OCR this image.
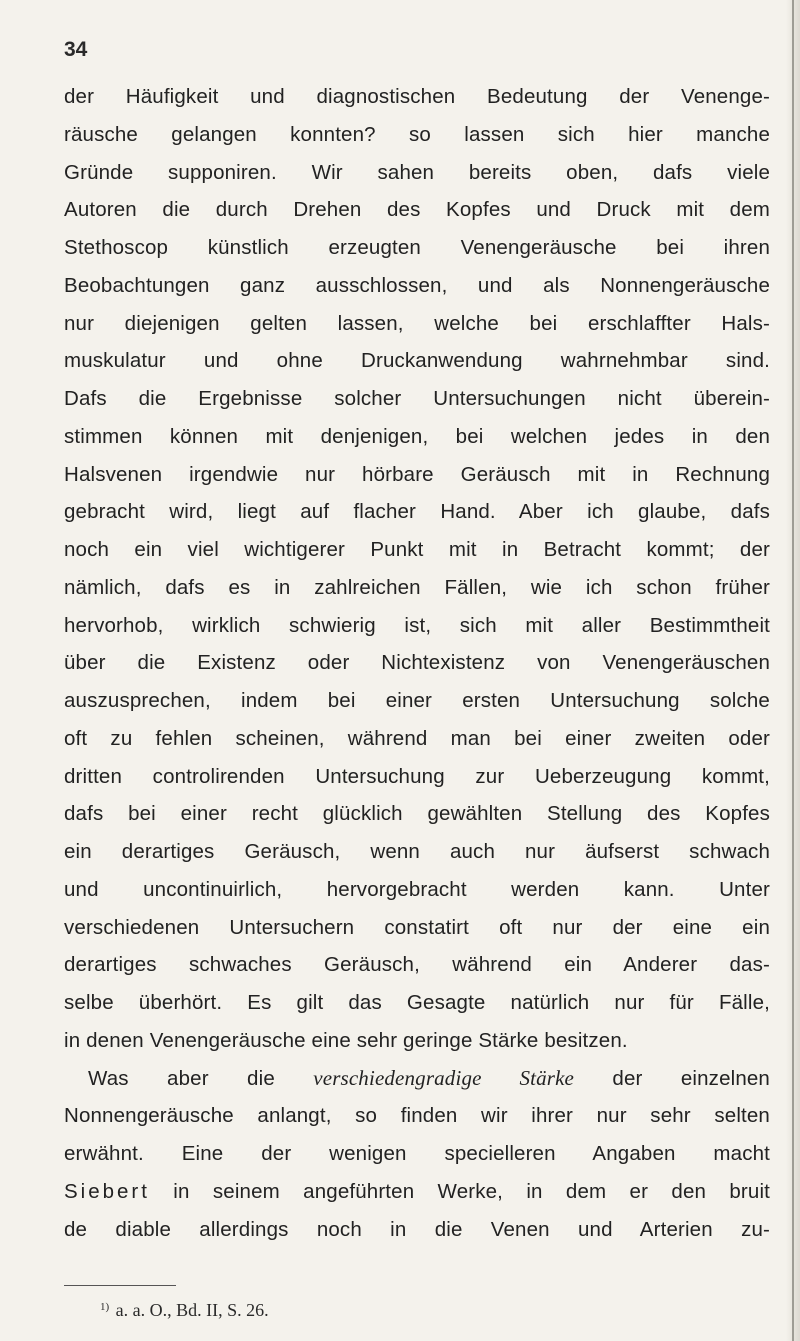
34
der Häufigkeit und diagnostischen Bedeutung der Venenge-
räusche gelangen konnten? so lassen sich hier manche
Gründe supponiren. Wir sahen bereits oben, dafs viele
Autoren die durch Drehen des Kopfes und Druck mit dem
Stethoscop künstlich erzeugten Venengeräusche bei ihren
Beobachtungen ganz ausschlossen, und als Nonnengeräusche
nur diejenigen gelten lassen, welche bei erschlaffter Hals-
muskulatur und ohne Druckanwendung wahrnehmbar sind.
Dafs die Ergebnisse solcher Untersuchungen nicht überein-
stimmen können mit denjenigen, bei welchen jedes in den
Halsvenen irgendwie nur hörbare Geräusch mit in Rechnung
gebracht wird, liegt auf flacher Hand. Aber ich glaube, dafs
noch ein viel wichtigerer Punkt mit in Betracht kommt; der
nämlich, dafs es in zahlreichen Fällen, wie ich schon früher
hervorhob, wirklich schwierig ist, sich mit aller Bestimmtheit
über die Existenz oder Nichtexistenz von Venengeräuschen
auszusprechen, indem bei einer ersten Untersuchung solche
oft zu fehlen scheinen, während man bei einer zweiten oder
dritten controlirenden Untersuchung zur Ueberzeugung kommt,
dafs bei einer recht glücklich gewählten Stellung des Kopfes
ein derartiges Geräusch, wenn auch nur äufserst schwach
und uncontinuirlich, hervorgebracht werden kann. Unter
verschiedenen Untersuchern constatirt oft nur der eine ein
derartiges schwaches Geräusch, während ein Anderer das-
selbe überhört. Es gilt das Gesagte natürlich nur für Fälle,
in denen Venengeräusche eine sehr geringe Stärke besitzen.
Was aber die verschiedengradige Stärke der einzelnen
Nonnengeräusche anlangt, so finden wir ihrer nur sehr selten
erwähnt. Eine der wenigen specielleren Angaben macht
Siebert in seinem angeführten Werke, in dem er den bruit
de diable allerdings noch in die Venen und Arterien zu-
$^{1)}$ a. a. O., Bd. II, S. 26.
